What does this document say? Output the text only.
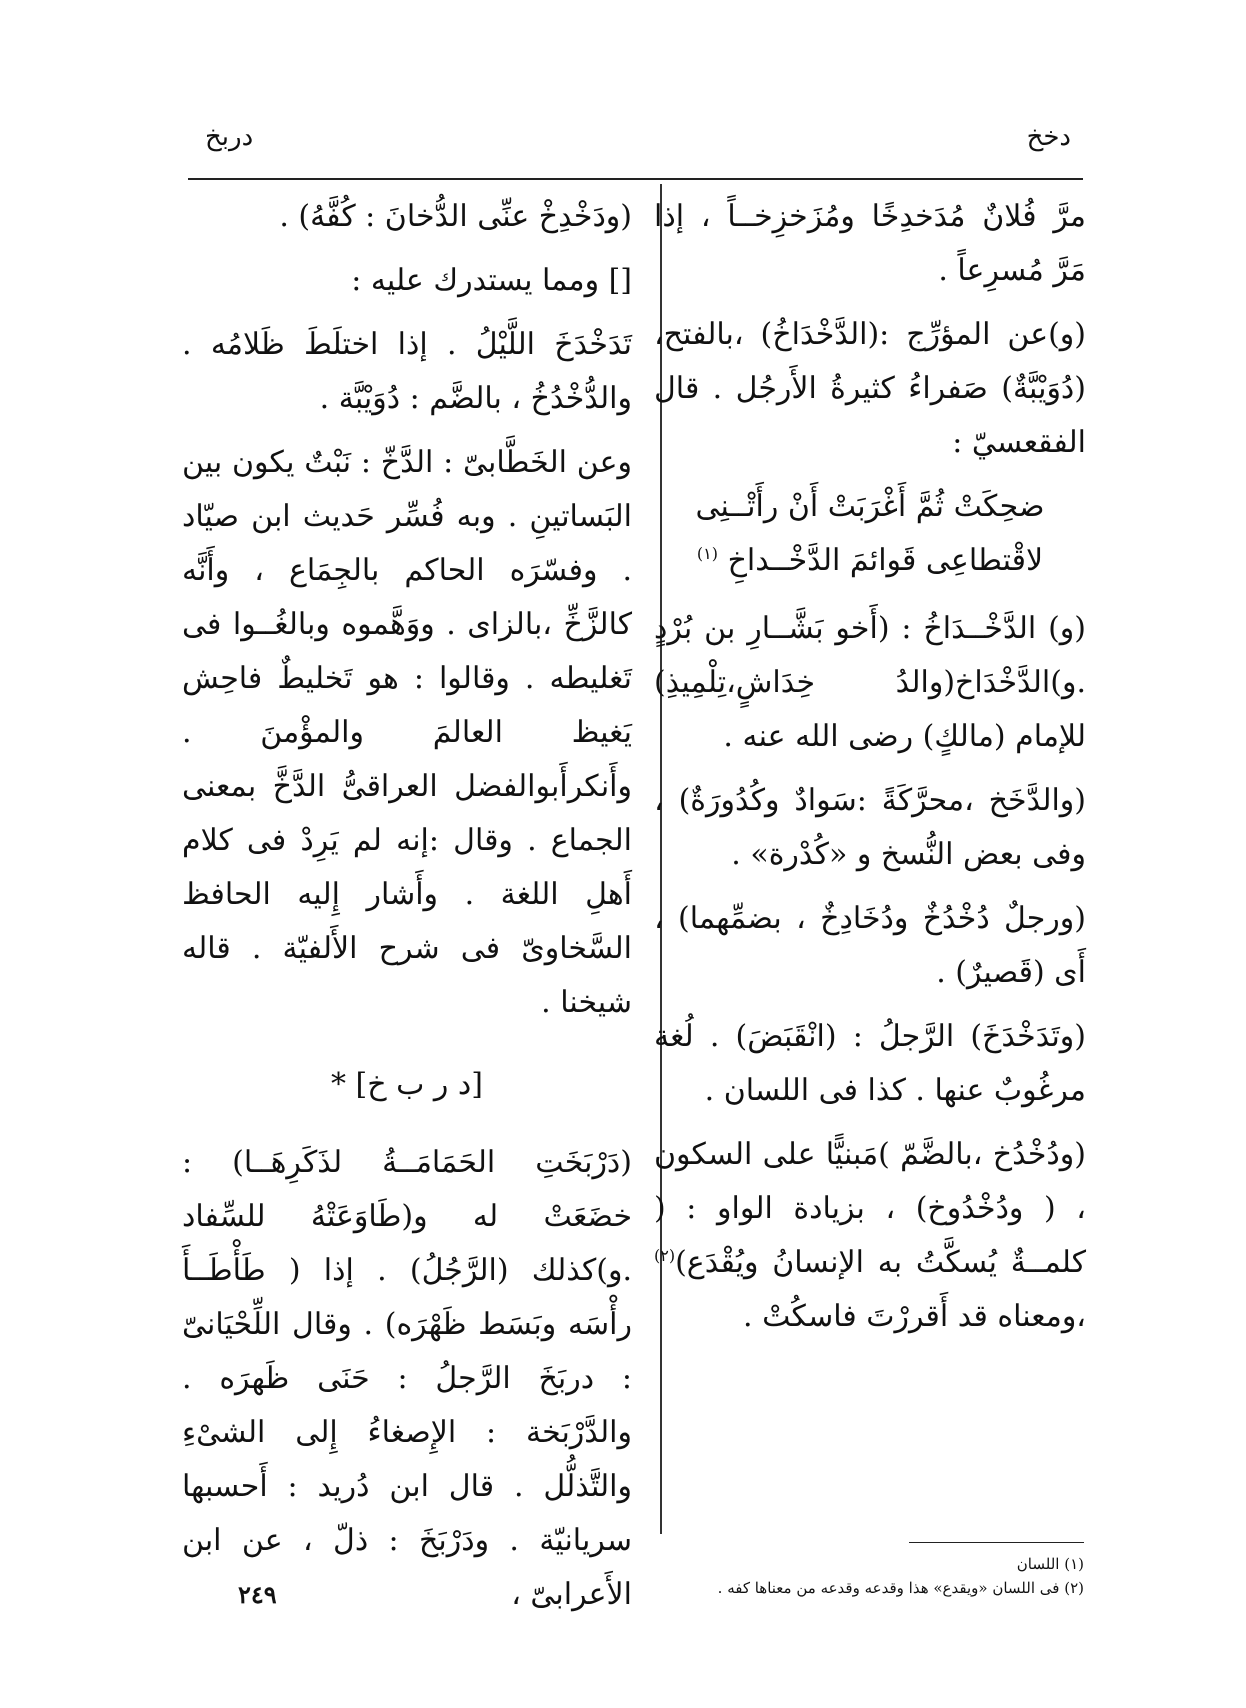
دخخ
دربخ

مرَّ فُلانٌ مُدَخدِخًا ومُزَخزِخــاً ، إذا مَرَّ مُسرِعاً .

(و)عن المؤرِّج :(الدَّخْدَاخُ) ،بالفتح، (دُوَيْبَّةٌ) صَفراءُ كثيرةُ الأَرجُل . قال الفقعسيّ :

ضحِكَتْ ثُمَّ أَغْرَبَتْ أَنْ رأَتْــنِى
لاقْتطاعِى قَوائمَ الدَّخْــداخِ $^{(١)}$

(و) الدَّخْــدَاخُ : (أَخو بَشَّــارِ بن بُرْدٍ .و)الدَّخْدَاخ(والدُ خِدَاشٍ،تِلْمِيذِ) للإمام (مالكٍ) رضى الله عنه .

(والدَّخَخ ،محرَّكَةً :سَوادٌ وكُدُورَةٌ) ، وفى بعض النُّسخ و «كُدْرة» .

(ورجلٌ دُخْدُخٌ ودُخَادِخٌ ، بضمِّهما) ، أَى (قَصيرٌ) .

(وتَدَخْدَخَ) الرَّجلُ : (انْقَبَضَ) . لُغة مرغُوبٌ عنها . كذا فى اللسان .

(ودُخْدُخ ،بالضَّمّ )مَبنيًّا على السكون ، ( ودُخْدُوخ) ، بزيادة الواو : ( كلمــةٌ يُسكَّتُ به الإنسانُ ويُقْدَع)$^{(٢)}$ ،ومعناه قد أَقررْتَ فاسكُتْ .

(ودَخْدِخْ عنِّى الدُّخانَ : كُفَّهُ) .

[] ومما يستدرك عليه :

تَدَخْدَخَ اللَّيْلُ . إذا اختلَطَ ظَلامُه . والدُّخْدُخُ ، بالضَّم : دُوَيْبَّة .

وعن الخَطَّابىّ : الدَّخّ : نَبْتٌ يكون بين البَساتينِ . وبه فُسِّر حَديث ابن صيّاد . وفسّرَه الحاكم بالجِمَاع ، وأَنَّه كالزَّخِّ ،بالزاى . ووَهَّموه وبالغُــوا فى تَغليطه . وقالوا : هو تَخليطٌ فاحِش يَغيظ العالمَ والمؤْمنَ . وأَنكرأَبوالفضل العراقىُّ الدَّخَّ بمعنى الجماع . وقال :إنه لم يَرِدْ فى كلام أَهلِ اللغة . وأَشار إِليه الحافظ السَّخاوىّ فى شرح الأَلفيّة . قاله شيخنا .

[د ر ب خ] *

(دَرْبَخَتِ الحَمَامَــةُ لذَكَرِهَــا) : خضَعَتْ له و(طَاوَعَتْهُ للسِّفاد .و)كذلك (الرَّجُلُ) . إذا ( طَأْطَــأَ رأْسَه وبَسَط ظَهْرَه) . وقال اللِّحْيَانىّ : دربَخَ الرَّجلُ : حَنَى ظَهرَه . والدَّرْبَخة : الإِصغاءُ إِلى الشىْءِ والتَّذلُّل . قال ابن دُريد : أَحسبها سريانيّة . ودَرْبَخَ : ذلّ ، عن ابن الأَعرابىّ ،

(١) اللسان
(٢) فى اللسان «ويقدع» هذا وقدعه وقدعه من معناها كفه .
٢٤٩
